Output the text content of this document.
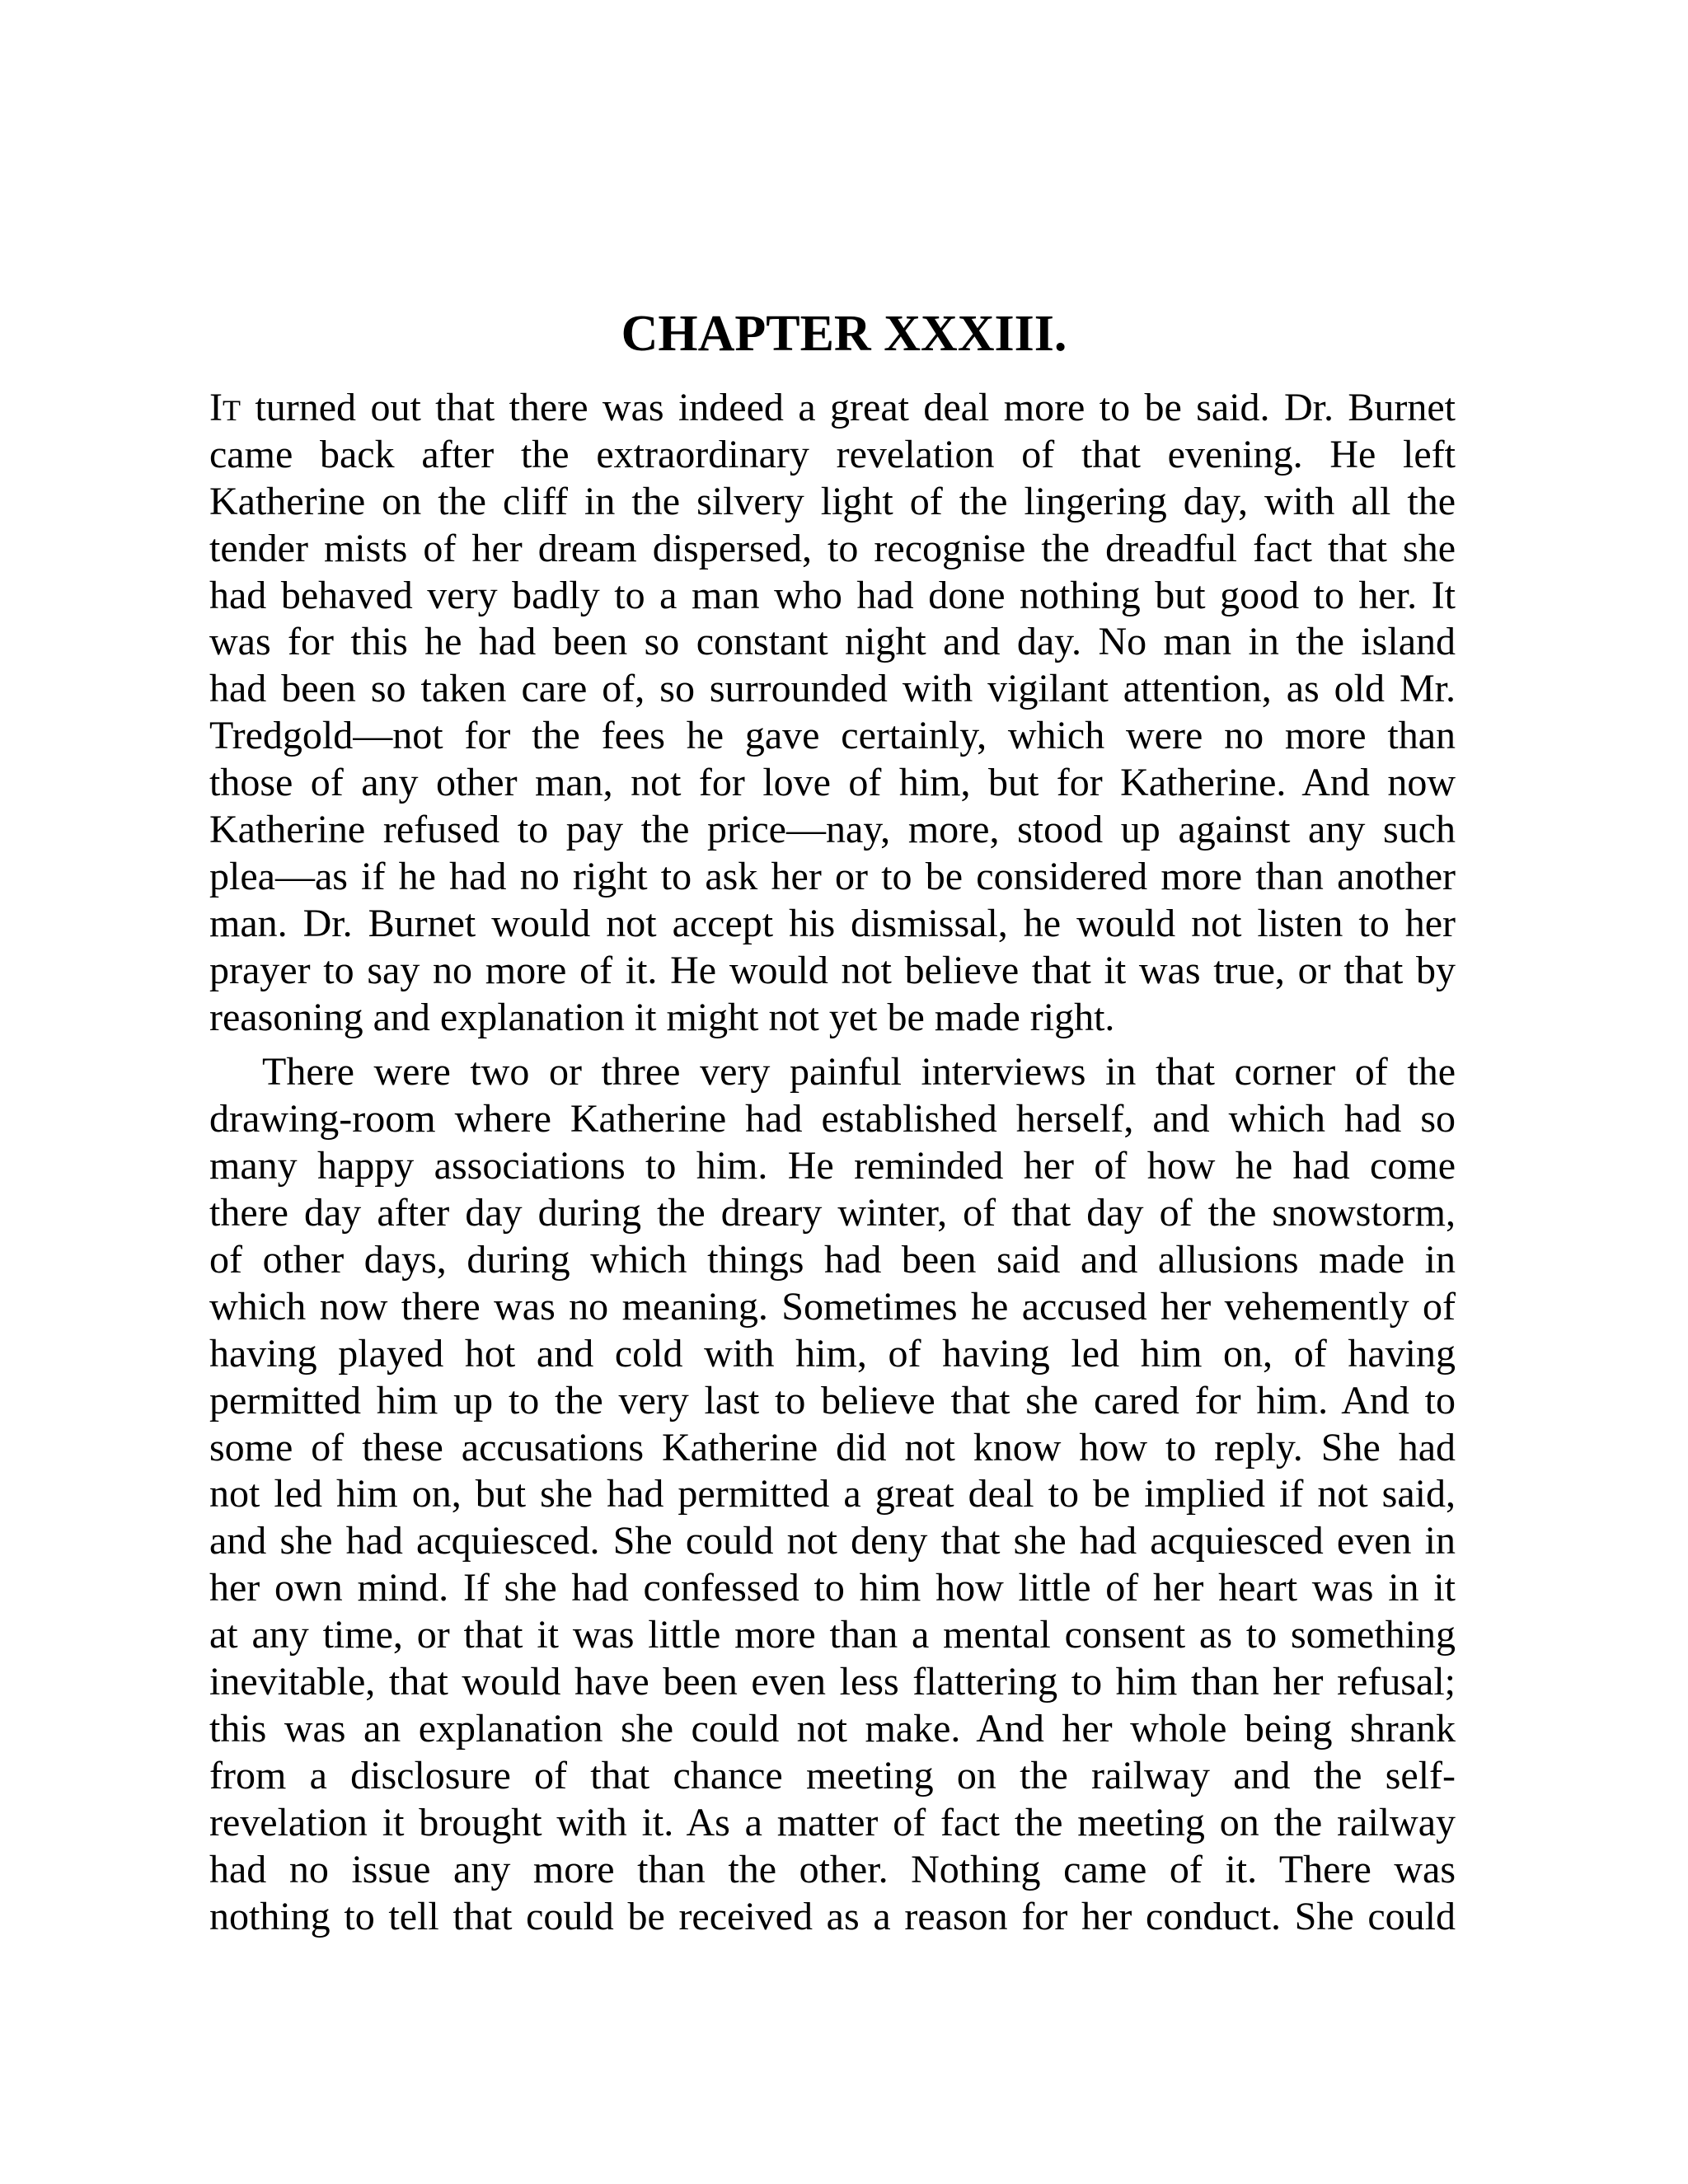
CHAPTER XXXIII.
IT turned out that there was indeed a great deal more to be said. Dr. Burnet
came back after the extraordinary revelation of that evening. He left
Katherine on the cliff in the silvery light of the lingering day, with all the
tender mists of her dream dispersed, to recognise the dreadful fact that she
had behaved very badly to a man who had done nothing but good to her. It
was for this he had been so constant night and day. No man in the island
had been so taken care of, so surrounded with vigilant attention, as old Mr.
Tredgold—not for the fees he gave certainly, which were no more than
those of any other man, not for love of him, but for Katherine. And now
Katherine refused to pay the price—nay, more, stood up against any such
plea—as if he had no right to ask her or to be considered more than another
man. Dr. Burnet would not accept his dismissal, he would not listen to her
prayer to say no more of it. He would not believe that it was true, or that by
reasoning and explanation it might not yet be made right.
There were two or three very painful interviews in that corner of the
drawing-room where Katherine had established herself, and which had so
many happy associations to him. He reminded her of how he had come
there day after day during the dreary winter, of that day of the snowstorm,
of other days, during which things had been said and allusions made in
which now there was no meaning. Sometimes he accused her vehemently of
having played hot and cold with him, of having led him on, of having
permitted him up to the very last to believe that she cared for him. And to
some of these accusations Katherine did not know how to reply. She had
not led him on, but she had permitted a great deal to be implied if not said,
and she had acquiesced. She could not deny that she had acquiesced even in
her own mind. If she had confessed to him how little of her heart was in it
at any time, or that it was little more than a mental consent as to something
inevitable, that would have been even less flattering to him than her refusal;
this was an explanation she could not make. And her whole being shrank
from a disclosure of that chance meeting on the railway and the self-
revelation it brought with it. As a matter of fact the meeting on the railway
had no issue any more than the other. Nothing came of it. There was
nothing to tell that could be received as a reason for her conduct. She could
